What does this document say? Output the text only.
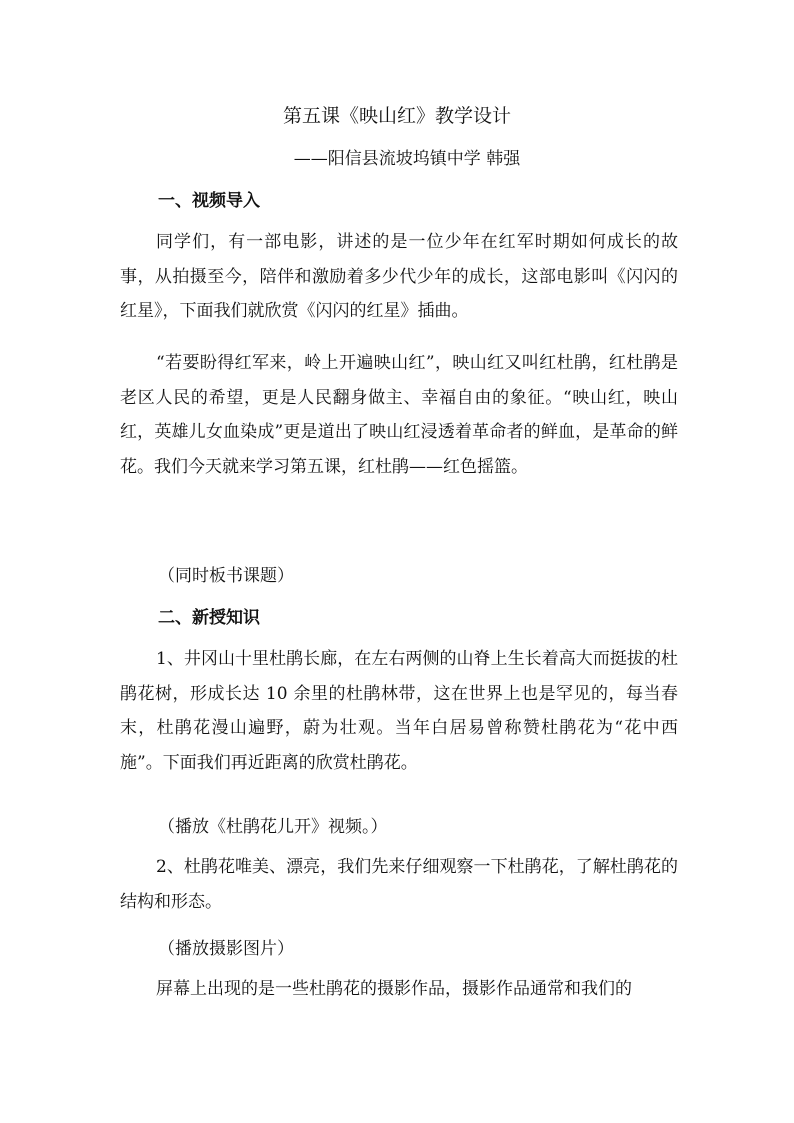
第五课《映山红》教学设计
——阳信县流坡坞镇中学 韩强
一、视频导入

同学们，有一部电影，讲述的是一位少年在红军时期如何成长的故事，从拍摄至今，陪伴和激励着多少代少年的成长，这部电影叫《闪闪的红星》，下面我们就欣赏《闪闪的红星》插曲。

“若要盼得红军来，岭上开遍映山红”，映山红又叫红杜鹃，红杜鹃是老区人民的希望，更是人民翻身做主、幸福自由的象征。“映山红，映山红，英雄儿女血染成”更是道出了映山红浸透着革命者的鲜血，是革命的鲜花。我们今天就来学习第五课，红杜鹃——红色摇篮。

（同时板书课题）
二、新授知识

1、井冈山十里杜鹃长廊，在左右两侧的山脊上生长着高大而挺拔的杜鹃花树，形成长达 10 余里的杜鹃林带，这在世界上也是罕见的，每当春末，杜鹃花漫山遍野，蔚为壮观。当年白居易曾称赞杜鹃花为“花中西施”。下面我们再近距离的欣赏杜鹃花。

（播放《杜鹃花儿开》视频。）

2、杜鹃花唯美、漂亮，我们先来仔细观察一下杜鹃花，了解杜鹃花的结构和形态。

（播放摄影图片）

屏幕上出现的是一些杜鹃花的摄影作品，摄影作品通常和我们的
